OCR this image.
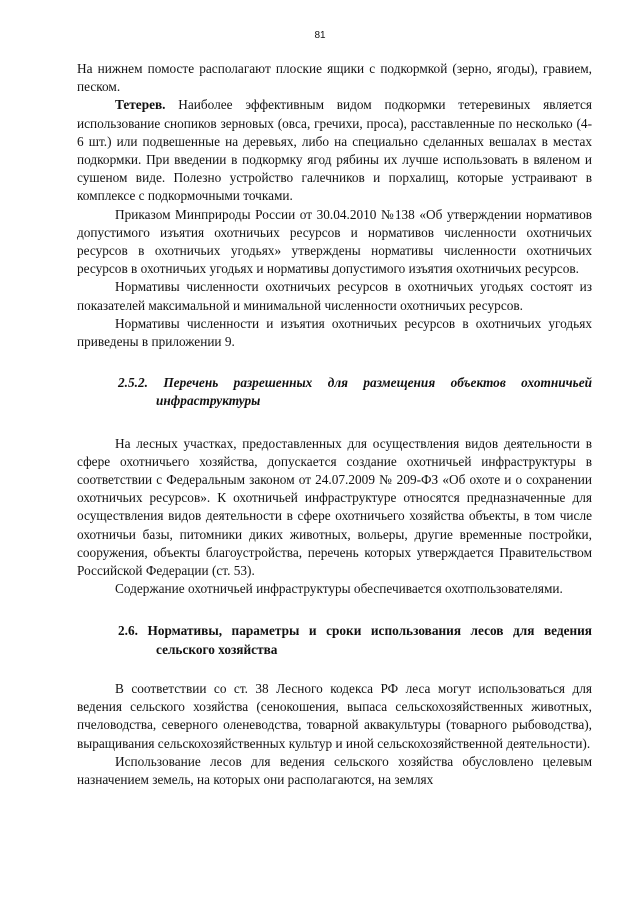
81

На нижнем помосте располагают плоские ящики с подкормкой (зерно, ягоды), гравием, песком.

Тетерев. Наиболее эффективным видом подкормки тетеревиных является использование снопиков зерновых (овса, гречихи, проса), расставленные по несколько (4-6 шт.) или подвешенные на деревьях, либо на специально сделанных вешалах в местах подкормки. При введении в подкормку ягод рябины их лучше использовать в вяленом и сушеном виде. Полезно устройство галечников и порхалищ, которые устраивают в комплексе с подкормочными точками.

Приказом Минприроды России от 30.04.2010 №138 «Об утверждении нормативов допустимого изъятия охотничьих ресурсов и нормативов численности охотничьих ресурсов в охотничьих угодьях» утверждены нормативы численности охотничьих ресурсов в охотничьих угодьях и нормативы допустимого изъятия охотничьих ресурсов.

Нормативы численности охотничьих ресурсов в охотничьих угодьях состоят из показателей максимальной и минимальной численности охотничьих ресурсов.

Нормативы численности и изъятия охотничьих ресурсов в охотничьих угодьях приведены в приложении 9.

2.5.2. Перечень разрешенных для размещения объектов охотничьей инфраструктуры

На лесных участках, предоставленных для осуществления видов деятельности в сфере охотничьего хозяйства, допускается создание охотничьей инфраструктуры в соответствии с Федеральным законом от 24.07.2009 № 209-ФЗ «Об охоте и о сохранении охотничьих ресурсов». К охотничьей инфраструктуре относятся предназначенные для осуществления видов деятельности в сфере охотничьего хозяйства объекты, в том числе охотничьи базы, питомники диких животных, вольеры, другие временные постройки, сооружения, объекты благоустройства, перечень которых утверждается Правительством Российской Федерации (ст. 53).

Содержание охотничьей инфраструктуры обеспечивается охотпользователями.

2.6. Нормативы, параметры и сроки использования лесов для ведения сельского хозяйства

В соответствии со ст. 38 Лесного кодекса РФ леса могут использоваться для ведения сельского хозяйства (сенокошения, выпаса сельскохозяйственных животных, пчеловодства, северного оленеводства, товарной аквакультуры (товарного рыбоводства), выращивания сельскохозяйственных культур и иной сельскохозяйственной деятельности).

Использование лесов для ведения сельского хозяйства обусловлено целевым назначением земель, на которых они располагаются, на землях
